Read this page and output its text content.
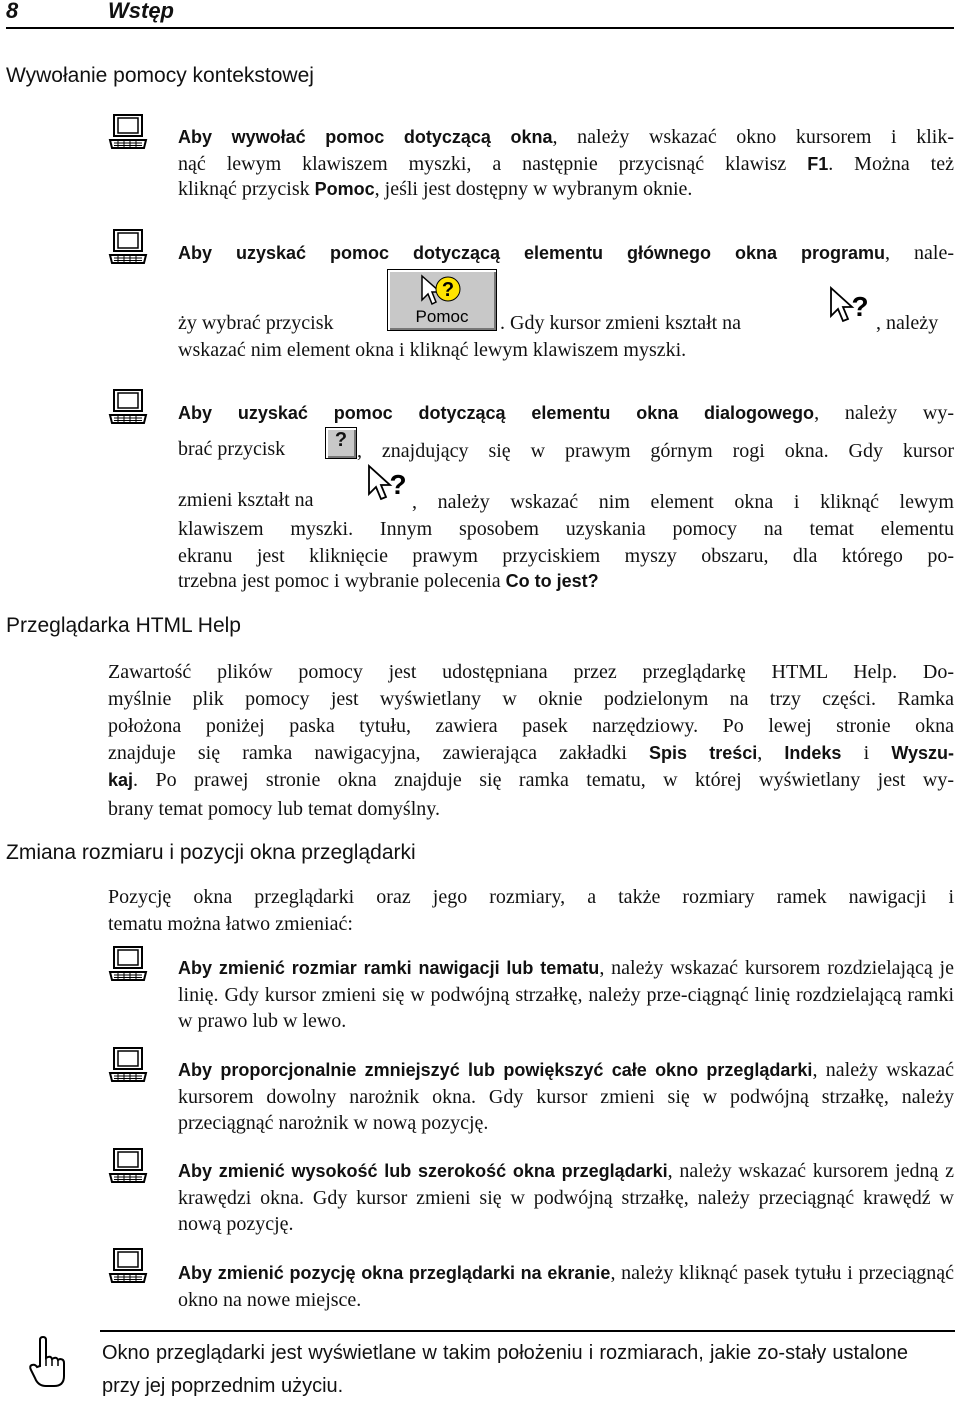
8	Wstęp
Wywołanie pomocy kontekstowej
Aby wywołać pomoc dotyczącą okna, należy wskazać okno kursorem i klik-
nąć lewym klawiszem myszki, a następnie przycisnąć klawisz F1. Można też
kliknąć przycisk Pomoc, jeśli jest dostępny w wybranym oknie.
Aby uzyskać pomoc dotyczącą elementu głównego okna programu, nale-
ży wybrać przycisk
?
Pomoc	. Gdy kursor zmieni kształt na
?
, należy
wskazać nim element okna i kliknąć lewym klawiszem myszki.
Aby uzyskać pomoc dotyczącą elementu okna dialogowego, należy wy-
brać przycisk	? , znajdujący się w prawym górnym rogi okna. Gdy kursor
zmieni kształt na	?
, należy wskazać nim element okna i kliknąć lewym
klawiszem myszki. Innym sposobem uzyskania pomocy na temat elementu
ekranu jest kliknięcie prawym przyciskiem myszy obszaru, dla którego po-
trzebna jest pomoc i wybranie polecenia Co to jest?
Przeglądarka HTML Help
Zawartość plików pomocy jest udostępniana przez przeglądarkę HTML Help. Do-
myślnie plik pomocy jest wyświetlany w oknie podzielonym na trzy części. Ramka
położona poniżej paska tytułu, zawiera pasek narzędziowy. Po lewej stronie okna
znajduje się ramka nawigacyjna, zawierająca zakładki Spis treści, Indeks i Wyszu-
kaj. Po prawej stronie okna znajduje się ramka tematu, w której wyświetlany jest wy-
brany temat pomocy lub temat domyślny.
Zmiana rozmiaru i pozycji okna przeglądarki
Pozycję okna przeglądarki oraz jego rozmiary, a także rozmiary ramek nawigacji i
tematu można łatwo zmieniać:
Aby zmienić rozmiar ramki nawigacji lub tematu, należy wskazać kursorem rozdzielającą je linię. Gdy kursor zmieni się w podwójną strzałkę, należy prze-ciągnąć linię rozdzielającą ramki w prawo lub w lewo.
Aby proporcjonalnie zmniejszyć lub powiększyć całe okno przeglądarki, należy wskazać kursorem dowolny narożnik okna. Gdy kursor zmieni się w podwójną strzałkę, należy przeciągnąć narożnik w nową pozycję.
Aby zmienić wysokość lub szerokość okna przeglądarki, należy wskazać kursorem jedną z krawędzi okna. Gdy kursor zmieni się w podwójną strzałkę, należy przeciągnąć krawędź w nową pozycję.
Aby zmienić pozycję okna przeglądarki na ekranie, należy kliknąć pasek tytułu i przeciągnąć okno na nowe miejsce.
Okno przeglądarki jest wyświetlane w takim położeniu i rozmiarach, jakie zo-stały ustalone przy jej poprzednim użyciu.
